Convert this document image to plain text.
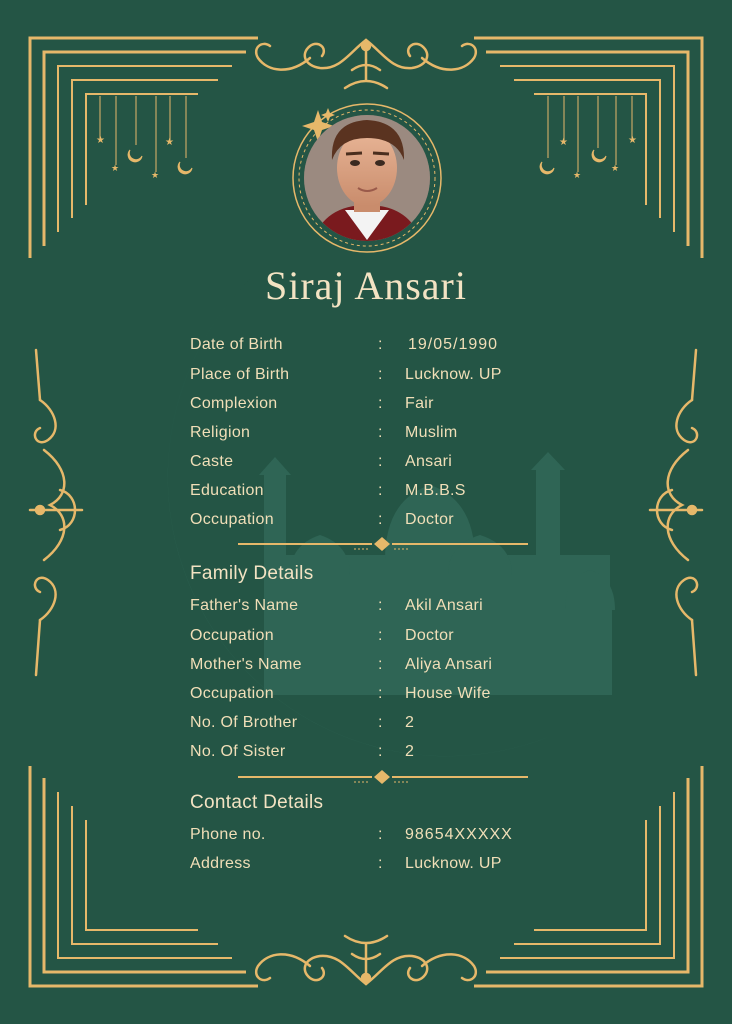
★
★
★
★	★
★
★
★
Siraj Ansari
Date of Birth	: 19/05/1990
Place of Birth	: Lucknow. UP
Complexion	: Fair
Religion	: Muslim
Caste	: Ansari
Education	: M.B.B.S
Occupation	: Doctor
Family Details
Father's Name	: Akil Ansari
Occupation	: Doctor
Mother's Name	: Aliya Ansari
Occupation	: House Wife
No. Of Brother	: 2
No. Of Sister	: 2
Contact Details
Phone no.	: 98654XXXXX
Address	: Lucknow. UP
